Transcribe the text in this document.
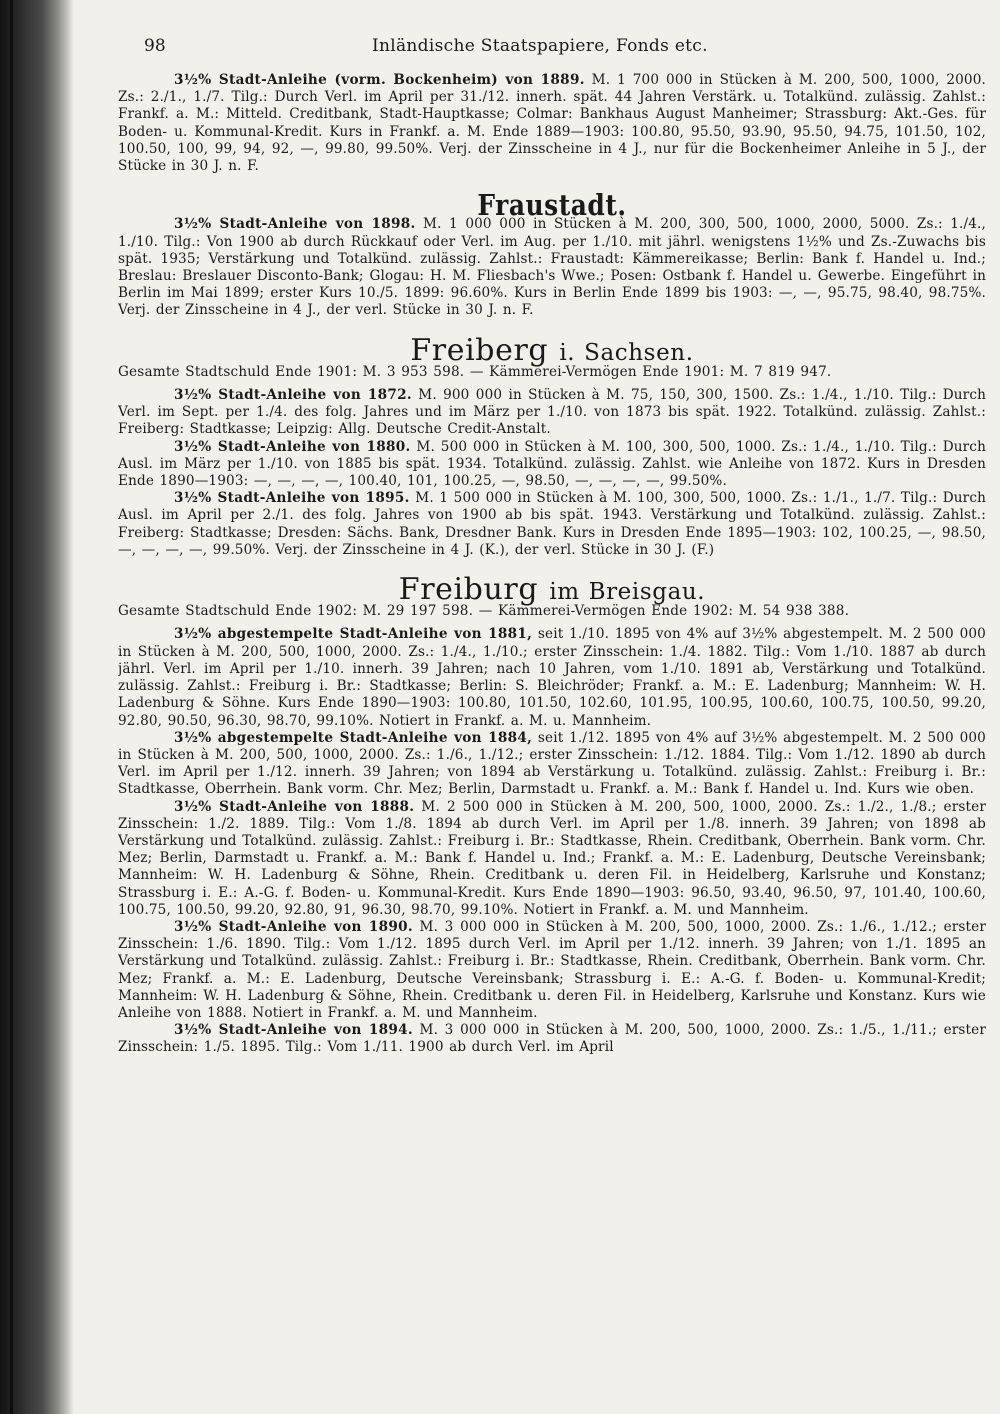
98	Inländische Staatspapiere, Fonds etc.

3½% Stadt-Anleihe (vorm. Bockenheim) von 1889. M. 1 700 000 in Stücken à M. 200, 500, 1000, 2000. Zs.: 2./1., 1./7. Tilg.: Durch Verl. im April per 31./12. innerh. spät. 44 Jahren Verstärk. u. Totalkünd. zulässig. Zahlst.: Frankf. a. M.: Mitteld. Creditbank, Stadt-Hauptkasse; Colmar: Bankhaus August Manheimer; Strassburg: Akt.-Ges. für Boden- u. Kommunal-Kredit. Kurs in Frankf. a. M. Ende 1889—1903: 100.80, 95.50, 93.90, 95.50, 94.75, 101.50, 102, 100.50, 100, 99, 94, 92, —, 99.80, 99.50%. Verj. der Zinsscheine in 4 J., nur für die Bockenheimer Anleihe in 5 J., der Stücke in 30 J. n. F.

Fraustadt.

3½% Stadt-Anleihe von 1898. M. 1 000 000 in Stücken à M. 200, 300, 500, 1000, 2000, 5000. Zs.: 1./4., 1./10. Tilg.: Von 1900 ab durch Rückkauf oder Verl. im Aug. per 1./10. mit jährl. wenigstens 1½% und Zs.-Zuwachs bis spät. 1935; Verstärkung und Totalkünd. zulässig. Zahlst.: Fraustadt: Kämmereikasse; Berlin: Bank f. Handel u. Ind.; Breslau: Breslauer Disconto-Bank; Glogau: H. M. Fliesbach's Wwe.; Posen: Ostbank f. Handel u. Gewerbe. Eingeführt in Berlin im Mai 1899; erster Kurs 10./5. 1899: 96.60%. Kurs in Berlin Ende 1899 bis 1903: —, —, 95.75, 98.40, 98.75%. Verj. der Zinsscheine in 4 J., der verl. Stücke in 30 J. n. F.

Freiberg i. Sachsen.

Gesamte Stadtschuld Ende 1901: M. 3 953 598. — Kämmerei-Vermögen Ende 1901: M. 7 819 947.

3½% Stadt-Anleihe von 1872. M. 900 000 in Stücken à M. 75, 150, 300, 1500. Zs.: 1./4., 1./10. Tilg.: Durch Verl. im Sept. per 1./4. des folg. Jahres und im März per 1./10. von 1873 bis spät. 1922. Totalkünd. zulässig. Zahlst.: Freiberg: Stadtkasse; Leipzig: Allg. Deutsche Credit-Anstalt.

3½% Stadt-Anleihe von 1880. M. 500 000 in Stücken à M. 100, 300, 500, 1000. Zs.: 1./4., 1./10. Tilg.: Durch Ausl. im März per 1./10. von 1885 bis spät. 1934. Totalkünd. zulässig. Zahlst. wie Anleihe von 1872. Kurs in Dresden Ende 1890—1903: —, —, —, —, 100.40, 101, 100.25, —, 98.50, —, —, —, —, 99.50%.

3½% Stadt-Anleihe von 1895. M. 1 500 000 in Stücken à M. 100, 300, 500, 1000. Zs.: 1./1., 1./7. Tilg.: Durch Ausl. im April per 2./1. des folg. Jahres von 1900 ab bis spät. 1943. Verstärkung und Totalkünd. zulässig. Zahlst.: Freiberg: Stadtkasse; Dresden: Sächs. Bank, Dresdner Bank. Kurs in Dresden Ende 1895—1903: 102, 100.25, —, 98.50, —, —, —, —, 99.50%. Verj. der Zinsscheine in 4 J. (K.), der verl. Stücke in 30 J. (F.)

Freiburg im Breisgau.

Gesamte Stadtschuld Ende 1902: M. 29 197 598. — Kämmerei-Vermögen Ende 1902: M. 54 938 388.

3½% abgestempelte Stadt-Anleihe von 1881, seit 1./10. 1895 von 4% auf 3½% abgestempelt. M. 2 500 000 in Stücken à M. 200, 500, 1000, 2000. Zs.: 1./4., 1./10.; erster Zinsschein: 1./4. 1882. Tilg.: Vom 1./10. 1887 ab durch jährl. Verl. im April per 1./10. innerh. 39 Jahren; nach 10 Jahren, vom 1./10. 1891 ab, Verstärkung und Totalkünd. zulässig. Zahlst.: Freiburg i. Br.: Stadtkasse; Berlin: S. Bleichröder; Frankf. a. M.: E. Ladenburg; Mannheim: W. H. Ladenburg & Söhne. Kurs Ende 1890—1903: 100.80, 101.50, 102.60, 101.95, 100.95, 100.60, 100.75, 100.50, 99.20, 92.80, 90.50, 96.30, 98.70, 99.10%. Notiert in Frankf. a. M. u. Mannheim.

3½% abgestempelte Stadt-Anleihe von 1884, seit 1./12. 1895 von 4% auf 3½% abgestempelt. M. 2 500 000 in Stücken à M. 200, 500, 1000, 2000. Zs.: 1./6., 1./12.; erster Zinsschein: 1./12. 1884. Tilg.: Vom 1./12. 1890 ab durch Verl. im April per 1./12. innerh. 39 Jahren; von 1894 ab Verstärkung u. Totalkünd. zulässig. Zahlst.: Freiburg i. Br.: Stadtkasse, Oberrhein. Bank vorm. Chr. Mez; Berlin, Darmstadt u. Frankf. a. M.: Bank f. Handel u. Ind. Kurs wie oben.

3½% Stadt-Anleihe von 1888. M. 2 500 000 in Stücken à M. 200, 500, 1000, 2000. Zs.: 1./2., 1./8.; erster Zinsschein: 1./2. 1889. Tilg.: Vom 1./8. 1894 ab durch Verl. im April per 1./8. innerh. 39 Jahren; von 1898 ab Verstärkung und Totalkünd. zulässig. Zahlst.: Freiburg i. Br.: Stadtkasse, Rhein. Creditbank, Oberrhein. Bank vorm. Chr. Mez; Berlin, Darmstadt u. Frankf. a. M.: Bank f. Handel u. Ind.; Frankf. a. M.: E. Ladenburg, Deutsche Vereinsbank; Mannheim: W. H. Ladenburg & Söhne, Rhein. Creditbank u. deren Fil. in Heidelberg, Karlsruhe und Konstanz; Strassburg i. E.: A.-G. f. Boden- u. Kommunal-Kredit. Kurs Ende 1890—1903: 96.50, 93.40, 96.50, 97, 101.40, 100.60, 100.75, 100.50, 99.20, 92.80, 91, 96.30, 98.70, 99.10%. Notiert in Frankf. a. M. und Mannheim.

3½% Stadt-Anleihe von 1890. M. 3 000 000 in Stücken à M. 200, 500, 1000, 2000. Zs.: 1./6., 1./12.; erster Zinsschein: 1./6. 1890. Tilg.: Vom 1./12. 1895 durch Verl. im April per 1./12. innerh. 39 Jahren; von 1./1. 1895 an Verstärkung und Totalkünd. zulässig. Zahlst.: Freiburg i. Br.: Stadtkasse, Rhein. Creditbank, Oberrhein. Bank vorm. Chr. Mez; Frankf. a. M.: E. Ladenburg, Deutsche Vereinsbank; Strassburg i. E.: A.-G. f. Boden- u. Kommunal-Kredit; Mannheim: W. H. Ladenburg & Söhne, Rhein. Creditbank u. deren Fil. in Heidelberg, Karlsruhe und Konstanz. Kurs wie Anleihe von 1888. Notiert in Frankf. a. M. und Mannheim.

3½% Stadt-Anleihe von 1894. M. 3 000 000 in Stücken à M. 200, 500, 1000, 2000. Zs.: 1./5., 1./11.; erster Zinsschein: 1./5. 1895. Tilg.: Vom 1./11. 1900 ab durch Verl. im April
